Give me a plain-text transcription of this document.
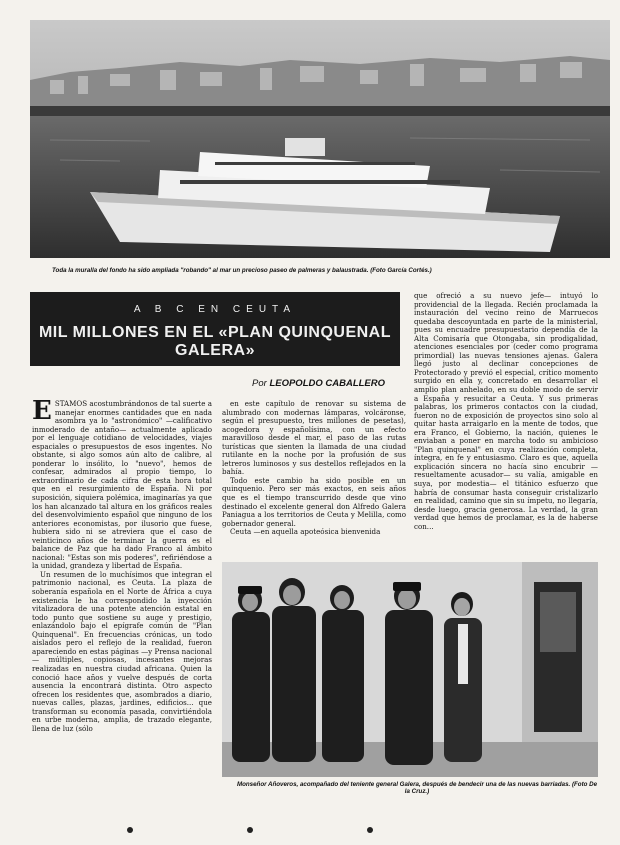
Toda la muralla del fondo ha sido ampliada "robando" al mar un precioso paseo de palmeras y balaustrada. (Foto García Cortés.)
A B C EN CEUTA
MIL MILLONES EN EL «PLAN QUINQUENAL GALERA»
Por LEOPOLDO CABALLERO

ESTAMOS acostumbrándonos de tal suerte a manejar enormes cantidades que en nada asombra ya lo "astronómico" —calificativo inmoderado de antaño— actualmente aplicado por el lenguaje cotidiano de velocidades, viajes espaciales o presupuestos de esos ingentes. No obstante, si algo somos aún alto de calibre, al ponderar lo insólito, lo "nuevo", hemos de confesar, admirados al propio tiempo, lo extraordinario de cada cifra de esta hora total que en el resurgimiento de España. Ni por suposición, siquiera polémica, imaginarías ya que los han alcanzado tal altura en los gráficos reales del desenvolvimiento español que ninguno de los anteriores economistas, por ilusorio que fuese, hubiera sido ni se atreviera que el caso de veinticinco años de terminar la guerra es el balance de Paz que ha dado Franco al ámbito nacional: "Estas son mis poderes", refiriéndose a la unidad, grandeza y libertad de España.

Un resumen de lo muchísimos que integran el patrimonio nacional, es Ceuta. La plaza de soberanía española en el Norte de África a cuya existencia le ha correspondido la inyección vitalizadora de una potente atención estatal en todo punto que sostiene su auge y prestigio, enlazándolo bajo el epígrafe común de "Plan Quinquenal". En frecuencias crónicas, un todo aislados pero el reflejo de la realidad, fueron apareciendo en estas páginas —y Prensa nacional— múltiples, copiosas, incesantes mejoras realizadas en nuestra ciudad africana. Quien la conoció hace años y vuelve después de corta ausencia la encontrará distinta. Otro aspecto ofrecen los residentes que, asombrados a diario, nuevas calles, plazas, jardines, edificios... que transforman su economía pasada, convirtiéndola en urbe moderna, amplia, de trazado elegante, llena de luz (sólo

en este capítulo de renovar su sistema de alumbrado con modernas lámparas, volcáronse, según el presupuesto, tres millones de pesetas), acogedora y españolísima, con un efecto maravilloso desde el mar, el paso de las rutas turísticas que sienten la llamada de una ciudad rutilante en la noche por la profusión de sus letreros luminosos y sus destellos reflejados en la bahía.

Todo este cambio ha sido posible en un quinquenio. Pero ser más exactos, en seis años que es el tiempo transcurrido desde que vino destinado el excelente general don Alfredo Galera Paniagua a los territorios de Ceuta y Melilla, como gobernador general.

Ceuta —en aquella apoteósica bienvenida

que ofreció a su nuevo jefe— intuyó lo providencial de la llegada. Recién proclamada la instauración del vecino reino de Marruecos quedaba descoyuntada en parte de la ministerial, pues su encuadre presupuestario dependía de la Alta Comisaría que Otongaba, sin prodigalidad, atenciones esenciales por (ceder como programa primordial) las nuevas tensiones ajenas. Galera llegó justo al declinar concepciones de Protectorado y previó el especial, crítico momento surgido en ella y, concretado en desarrollar el amplio plan anhelado, en su doble modo de servir a España y resucitar a Ceuta. Y sus primeras palabras, los primeros contactos con la ciudad, fueron no de exposición de proyectos sino solo al quitar hasta arraigarlo en la mente de todos, que era Franco, el Gobierno, la nación, quienes le enviaban a poner en marcha todo su ambicioso "Plan quinquenal" en cuya realización completa, íntegra, en fe y entusiasmo. Claro es que, aquella explicación sincera no hacía sino encubrir —resueltamente acusador— su valía, amigable en suya, por modestia— el titánico esfuerzo que habría de consumar hasta conseguir cristalizarlo en realidad, camino que sin su ímpetu, no llegaría, desde luego, gracia generosa. La verdad, la gran verdad que hemos de proclamar, es la de haberse con...

Monseñor Añoveros, acompañado del teniente general Galera, después de bendecir una de las nuevas barriadas. (Foto De la Cruz.)
